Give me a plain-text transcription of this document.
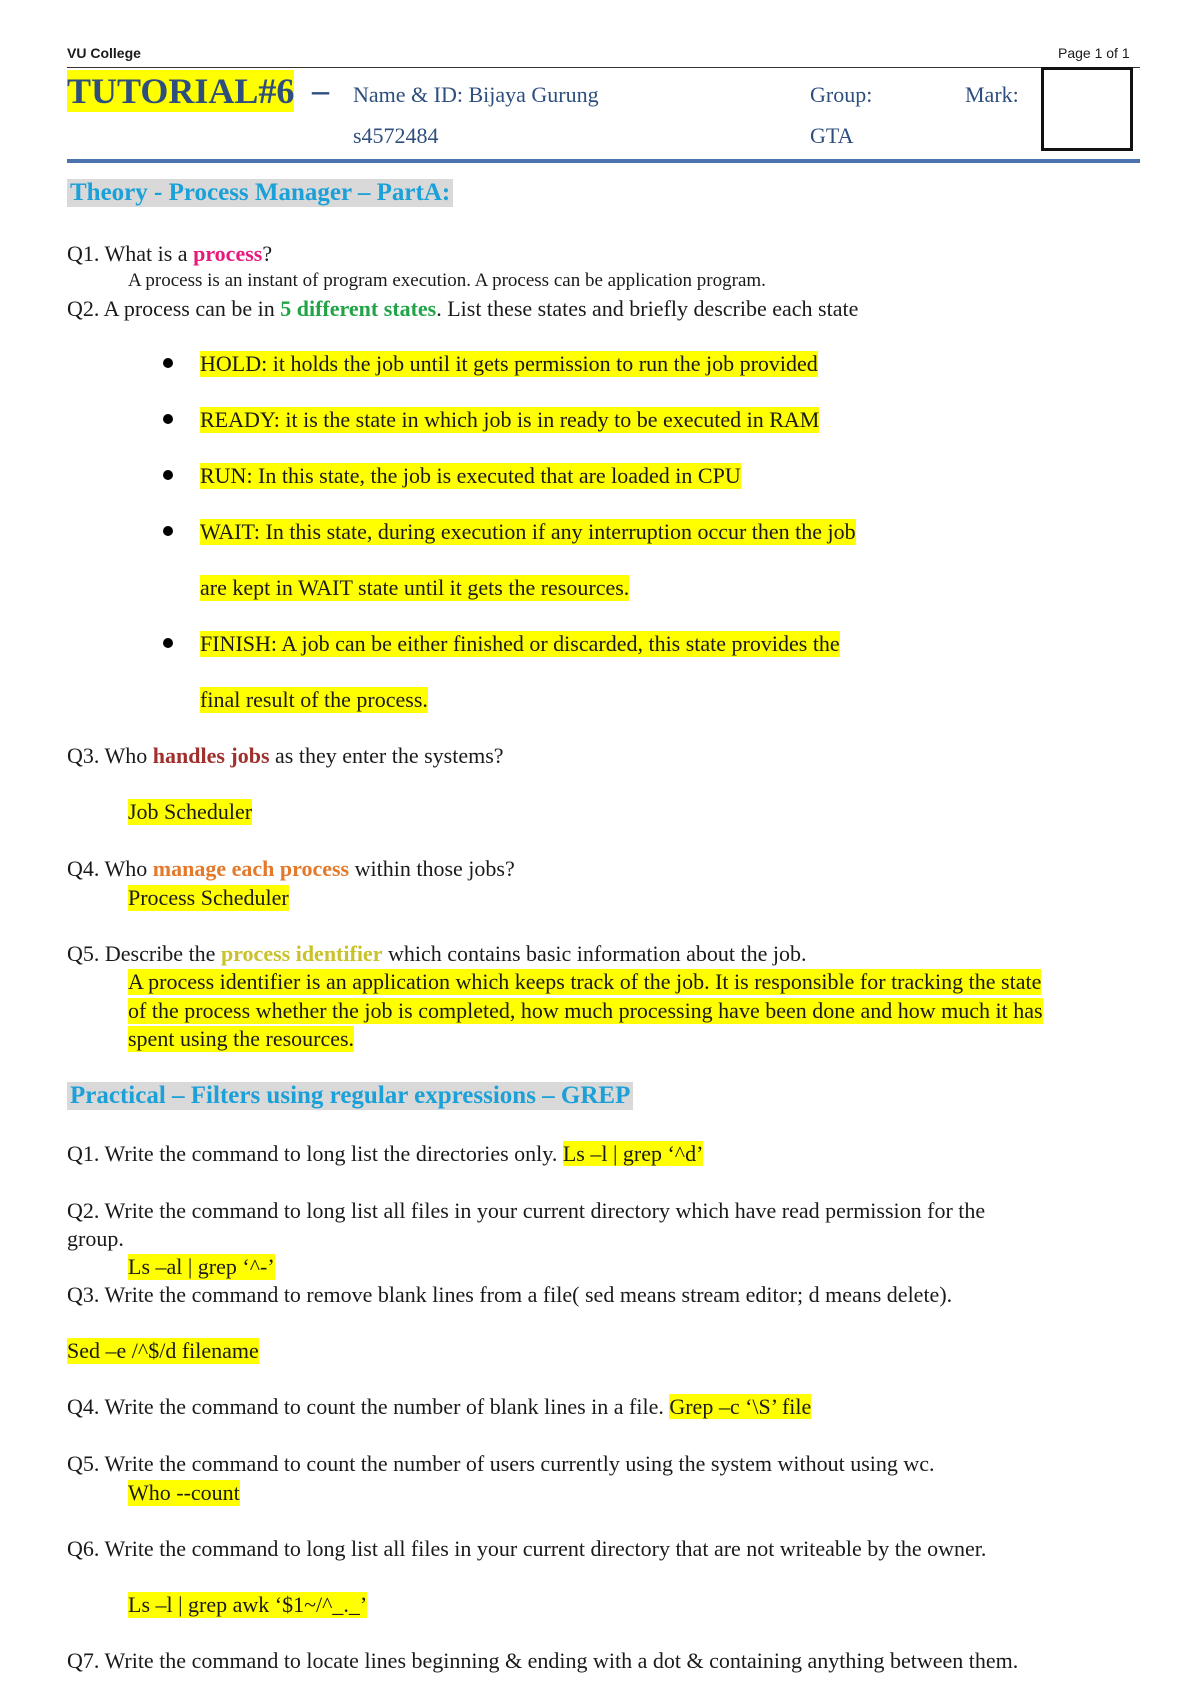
VU College	Page 1 of 1
TUTORIAL#6 – Name & ID: Bijaya Gurung
s4572484
Group:
GTA
Mark:
Theory - Process Manager – PartA:
Q1. What is a process?
A process is an instant of program execution. A process can be application program.
Q2. A process can be in 5 different states. List these states and briefly describe each state
HOLD: it holds the job until it gets permission to run the job provided
READY: it is the state in which job is in ready to be executed in RAM
RUN: In this state, the job is executed that are loaded in CPU
WAIT: In this state, during execution if any interruption occur then the job
are kept in WAIT state until it gets the resources.
FINISH: A job can be either finished or discarded, this state provides the
final result of the process.
Q3. Who handles jobs as they enter the systems?
Job Scheduler
Q4. Who manage each process within those jobs?
Process Scheduler
Q5. Describe the process identifier which contains basic information about the job.
A process identifier is an application which keeps track of the job. It is responsible for tracking the state
of the process whether the job is completed, how much processing have been done and how much it has
spent using the resources.
Practical – Filters using regular expressions – GREP
Q1. Write the command to long list the directories only. Ls –l | grep ‘^d’
Q2. Write the command to long list all files in your current directory which have read permission for the
group.
Ls –al | grep ‘^-’
Q3. Write the command to remove blank lines from a file( sed means stream editor; d means delete).
Sed –e /^$/d filename
Q4. Write the command to count the number of blank lines in a file. Grep –c ‘\S’ file
Q5. Write the command to count the number of users currently using the system without using wc.
Who --count
Q6. Write the command to long list all files in your current directory that are not writeable by the owner.
Ls –l | grep awk ‘$1~/^_._’
Q7. Write the command to locate lines beginning & ending with a dot & containing anything between them.
